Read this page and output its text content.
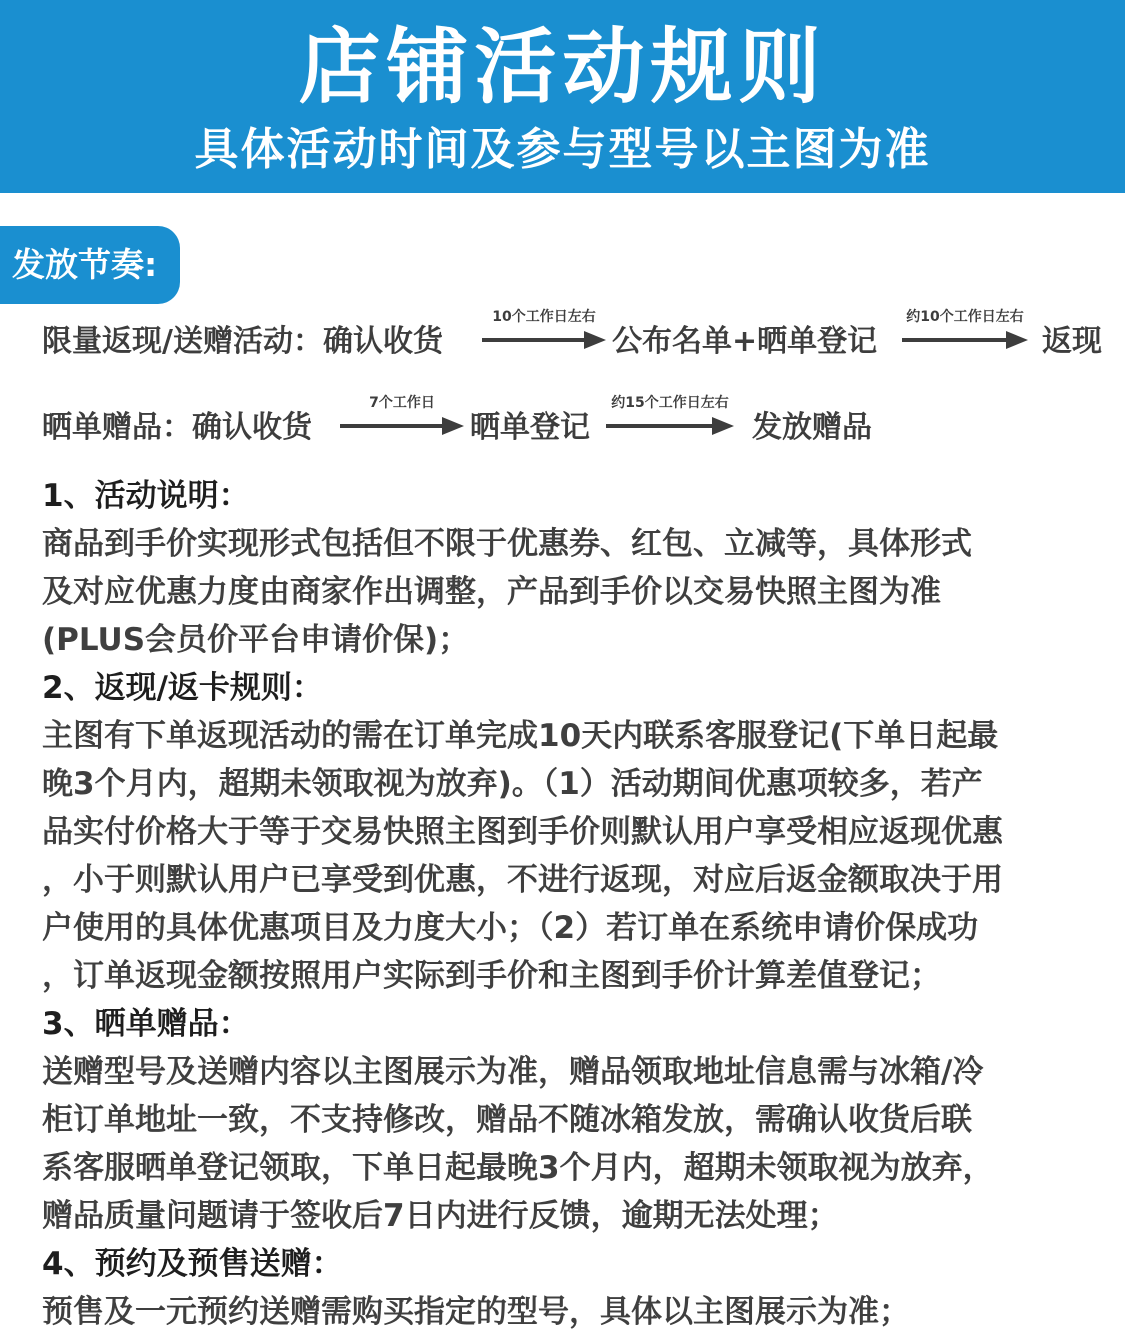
店铺活动规则
具体活动时间及参与型号以主图为准
发放节奏:
限量返现/送赠活动：确认收货
10个工作日左右
公布名单+晒单登记
约10个工作日左右
返现
晒单赠品：确认收货
7个工作日
晒单登记
约15个工作日左右
发放赠品
1、活动说明：
商品到手价实现形式包括但不限于优惠券、红包、立减等，具体形式
及对应优惠力度由商家作出调整，产品到手价以交易快照主图为准
(PLUS会员价平台申请价保)；
2、返现/返卡规则：
主图有下单返现活动的需在订单完成10天内联系客服登记(下单日起最
晚3个月内，超期未领取视为放弃)。（1）活动期间优惠项较多，若产
品实付价格大于等于交易快照主图到手价则默认用户享受相应返现优惠
，小于则默认用户已享受到优惠，不进行返现，对应后返金额取决于用
户使用的具体优惠项目及力度大小；（2）若订单在系统申请价保成功
，订单返现金额按照用户实际到手价和主图到手价计算差值登记；
3、晒单赠品：
送赠型号及送赠内容以主图展示为准，赠品领取地址信息需与冰箱/冷
柜订单地址一致，不支持修改，赠品不随冰箱发放，需确认收货后联
系客服晒单登记领取，下单日起最晚3个月内，超期未领取视为放弃，
赠品质量问题请于签收后7日内进行反馈，逾期无法处理；
4、预约及预售送赠：
预售及一元预约送赠需购买指定的型号，具体以主图展示为准；
